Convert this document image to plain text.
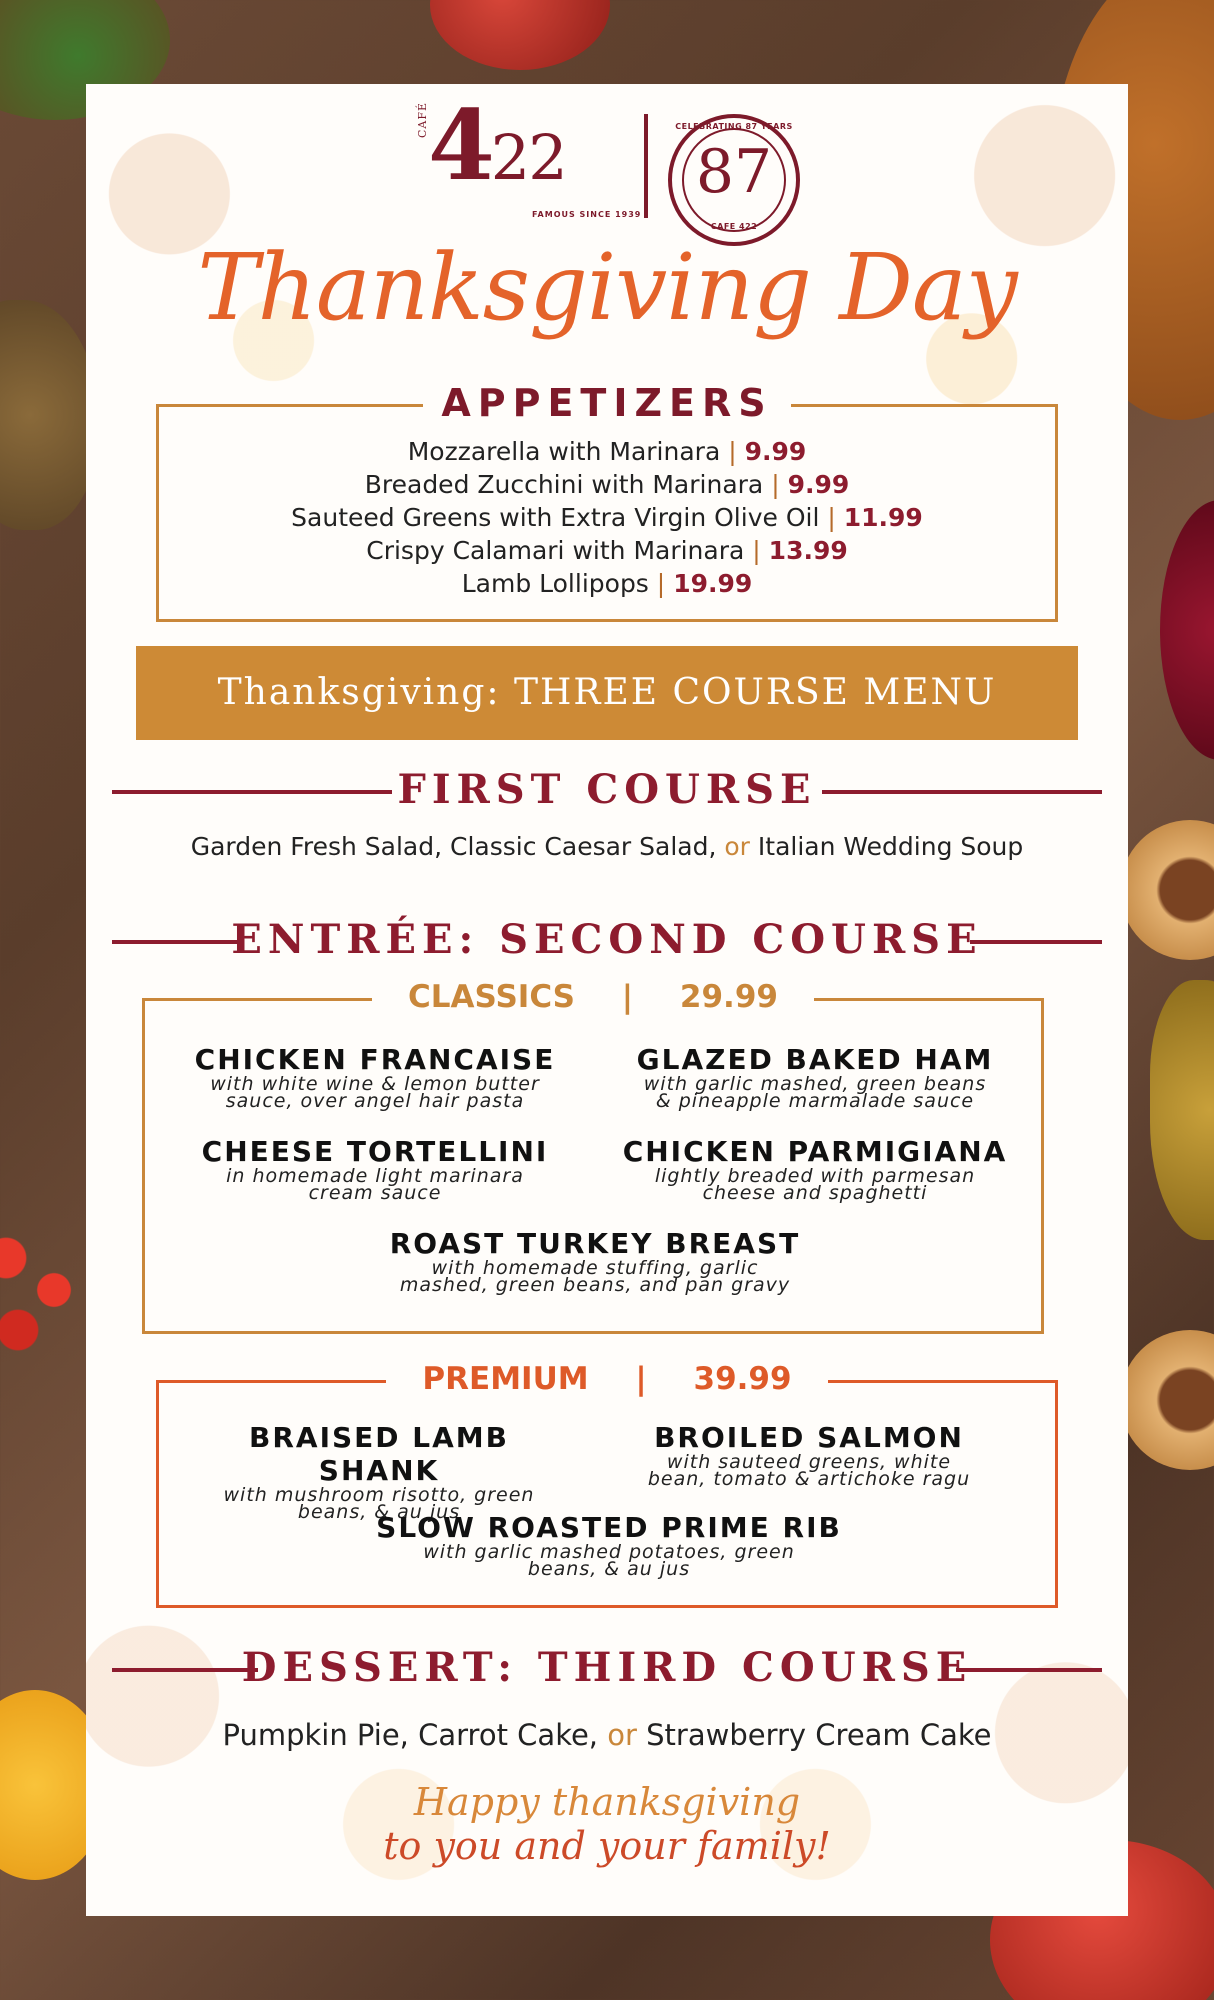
CAFÉ 422
FAMOUS SINCE 1939
CELEBRATING 87 YEARS
87
CAFE 422
Thanksgiving Day
APPETIZERS
Mozzarella with Marinara | 9.99
Breaded Zucchini with Marinara | 9.99
Sauteed Greens with Extra Virgin Olive Oil | 11.99
Crispy Calamari with Marinara | 13.99
Lamb Lollipops | 19.99
Thanksgiving: THREE COURSE MENU
FIRST COURSE
Garden Fresh Salad, Classic Caesar Salad, or Italian Wedding Soup
ENTRÉE: SECOND COURSE
CLASSICS | 29.99
CHICKEN FRANCAISE
with white wine & lemon butter
sauce, over angel hair pasta
GLAZED BAKED HAM
with garlic mashed, green beans
& pineapple marmalade sauce
CHEESE TORTELLINI
in homemade light marinara
cream sauce
CHICKEN PARMIGIANA
lightly breaded with parmesan
cheese and spaghetti
ROAST TURKEY BREAST
with homemade stuffing, garlic
mashed, green beans, and pan gravy
PREMIUM | 39.99
BRAISED LAMB SHANK
with mushroom risotto, green
beans, & au jus
BROILED SALMON
with sauteed greens, white
bean, tomato & artichoke ragu
SLOW ROASTED PRIME RIB
with garlic mashed potatoes, green
beans, & au jus
DESSERT: THIRD COURSE
Pumpkin Pie, Carrot Cake, or Strawberry Cream Cake
Happy thanksgiving
to you and your family!
